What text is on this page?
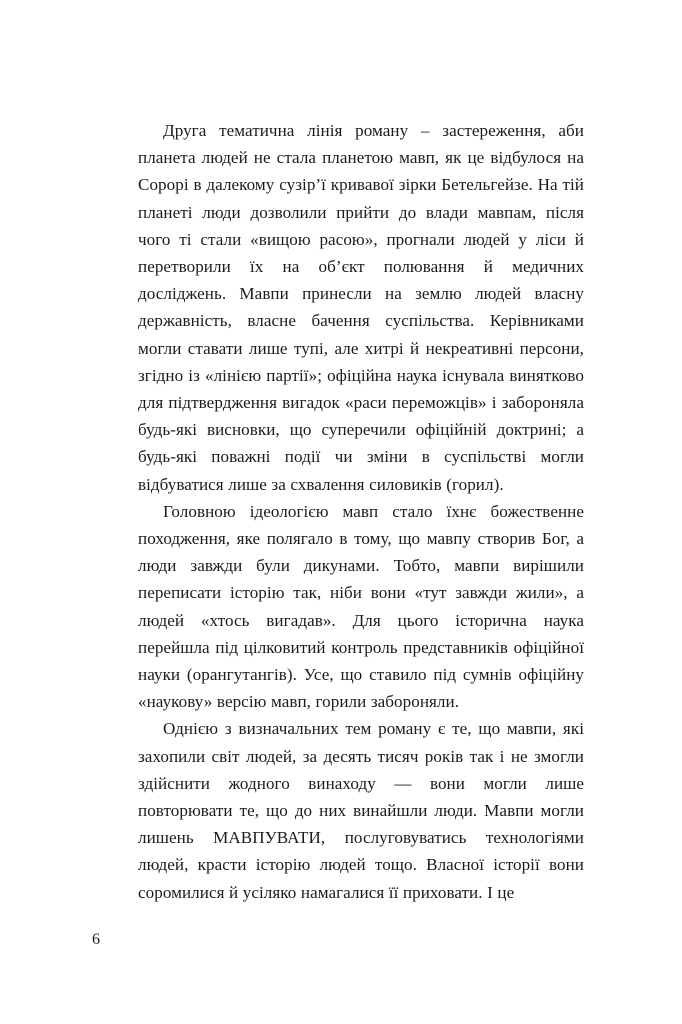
Друга тематична лінія роману – застереження, аби планета людей не стала планетою мавп, як це відбулося на Сорорі в далекому сузір’ї кривавої зірки Бетельгейзе. На тій планеті люди дозволили прийти до влади мавпам, після чого ті стали «вищою расою», прогнали людей у ліси й перетворили їх на об’єкт полювання й медичних досліджень. Мавпи принесли на землю людей власну державність, власне бачення суспільства. Керівниками могли ставати лише тупі, але хитрі й некреативні персони, згідно із «лінією партії»; офіційна наука існувала винятково для підтвердження вигадок «раси переможців» і забороняла будь-які висновки, що суперечили офіційній доктрині; а будь-які поважні події чи зміни в суспільстві могли відбуватися лише за схвалення силовиків (горил).

Головною ідеологією мавп стало їхнє божественне походження, яке полягало в тому, що мавпу створив Бог, а люди завжди були дикунами. Тобто, мавпи вирішили переписати історію так, ніби вони «тут завжди жили», а людей «хтось вигадав». Для цього історична наука перейшла під цілковитий контроль представників офіційної науки (орангутангів). Усе, що ставило під сумнів офіційну «наукову» версію мавп, горили забороняли.

Однією з визначальних тем роману є те, що мавпи, які захопили світ людей, за десять тисяч років так і не змогли здійснити жодного винаходу — вони могли лише повторювати те, що до них винайшли люди. Мавпи могли лишень МАВПУВАТИ, послуговуватись технологіями людей, красти історію людей тощо. Власної історії вони соромилися й усіляко намагалися її приховати. І це

6
